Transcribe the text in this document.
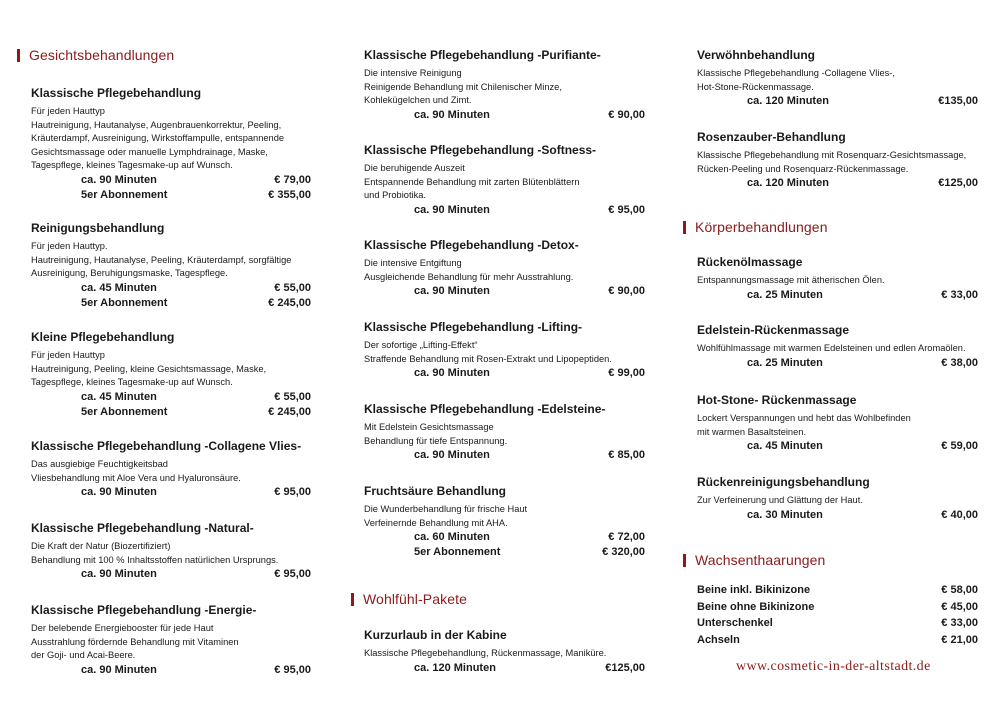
Gesichtsbehandlungen
Klassische Pflegebehandlung
Für jeden Hauttyp
Hautreinigung, Hautanalyse, Augenbrauenkorrektur, Peeling,
Kräuterdampf, Ausreinigung, Wirkstoffampulle, entspannende
Gesichtsmassage oder manuelle Lymphdrainage, Maske,
Tagespflege, kleines Tagesmake-up auf Wunsch.
ca. 90 Minuten	€ 79,00
5er Abonnement	€ 355,00
Reinigungsbehandlung
Für jeden Hauttyp.
Hautreinigung, Hautanalyse, Peeling, Kräuterdampf, sorgfältige
Ausreinigung, Beruhigungsmaske, Tagespflege.
ca. 45 Minuten	€ 55,00
5er Abonnement	€ 245,00
Kleine Pflegebehandlung
Für jeden Hauttyp
Hautreinigung, Peeling, kleine Gesichtsmassage, Maske,
Tagespflege, kleines Tagesmake-up auf Wunsch.
ca. 45 Minuten	€ 55,00
5er Abonnement	€ 245,00
Klassische Pflegebehandlung -Collagene Vlies-
Das ausgiebige Feuchtigkeitsbad
Vliesbehandlung mit Aloe Vera und Hyaluronsäure.
ca. 90 Minuten	€ 95,00
Klassische Pflegebehandlung -Natural-
Die Kraft der Natur (Biozertifiziert)
Behandlung mit 100 % Inhaltsstoffen natürlichen Ursprungs.
ca. 90 Minuten	€ 95,00
Klassische Pflegebehandlung -Energie-
Der belebende Energiebooster für jede Haut
Ausstrahlung fördernde Behandlung mit Vitaminen
der Goji- und Acai-Beere.
ca. 90 Minuten	€ 95,00
Klassische Pflegebehandlung -Purifiante-
Die intensive Reinigung
Reinigende Behandlung mit Chilenischer Minze,
Kohlekügelchen und Zimt.
ca. 90 Minuten	€ 90,00
Klassische Pflegebehandlung -Softness-
Die beruhigende Auszeit
Entspannende Behandlung mit zarten Blütenblättern
und Probiotika.
ca. 90 Minuten	€ 95,00
Klassische Pflegebehandlung -Detox-
Die intensive Entgiftung
Ausgleichende Behandlung für mehr Ausstrahlung.
ca. 90 Minuten	€ 90,00
Klassische Pflegebehandlung -Lifting-
Der sofortige „Lifting-Effekt“
Straffende Behandlung mit Rosen-Extrakt und Lipopeptiden.
ca. 90 Minuten	€ 99,00
Klassische Pflegebehandlung -Edelsteine-
Mit Edelstein Gesichtsmassage
Behandlung für tiefe Entspannung.
ca. 90 Minuten	€ 85,00
Fruchtsäure Behandlung
Die Wunderbehandlung für frische Haut
Verfeinernde Behandlung mit AHA.
ca. 60 Minuten	€ 72,00
5er Abonnement	€ 320,00
Wohlfühl-Pakete
Kurzurlaub in der Kabine
Klassische Pflegebehandlung, Rückenmassage, Maniküre.
ca. 120 Minuten	€125,00
Verwöhnbehandlung
Klassische Pflegebehandlung -Collagene Vlies-,
Hot-Stone-Rückenmassage.
ca. 120 Minuten	€135,00
Rosenzauber-Behandlung
Klassische Pflegebehandlung mit Rosenquarz-Gesichtsmassage,
Rücken-Peeling und Rosenquarz-Rückenmassage.
ca. 120 Minuten	€125,00
Körperbehandlungen
Rückenölmassage
Entspannungsmassage mit ätherischen Ölen.
ca. 25 Minuten	€ 33,00
Edelstein-Rückenmassage
Wohlfühlmassage mit warmen Edelsteinen und edlen Aromaölen.
ca. 25 Minuten	€ 38,00
Hot-Stone- Rückenmassage
Lockert Verspannungen und hebt das Wohlbefinden
mit warmen Basaltsteinen.
ca. 45 Minuten	€ 59,00
Rückenreinigungsbehandlung
Zur Verfeinerung und Glättung der Haut.
ca. 30 Minuten	€ 40,00
Wachsenthaarungen
Beine inkl. Bikinizone	€ 58,00
Beine ohne Bikinizone	€ 45,00
Unterschenkel	€ 33,00
Achseln	€ 21,00
www.cosmetic-in-der-altstadt.de
